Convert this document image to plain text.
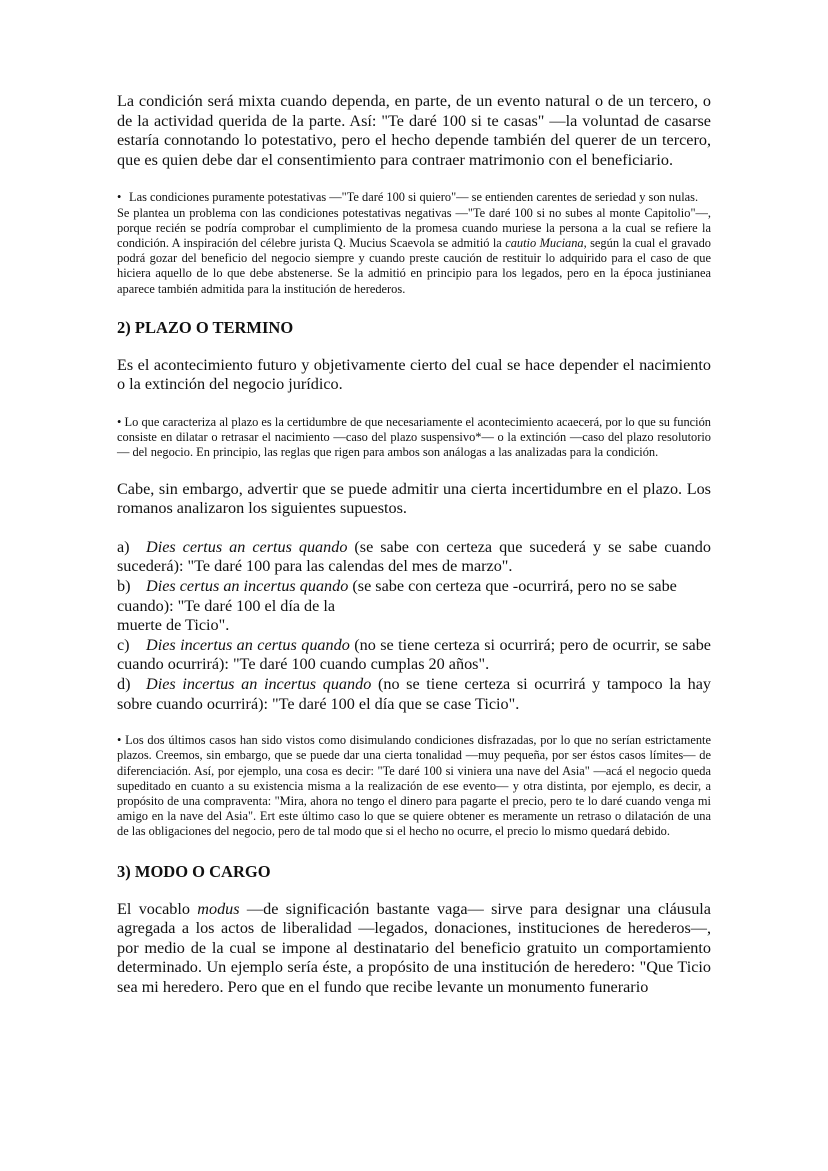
La condición será mixta cuando dependa, en parte, de un evento natural o de un tercero, o de la actividad querida de la parte. Así: "Te daré 100 si te casas" —la voluntad de casarse estaría connotando lo potestativo, pero el hecho depende también del querer de un tercero, que es quien debe dar el consentimiento para contraer matrimonio con el beneficiario.

• Las condiciones puramente potestativas —"Te daré 100 si quiero"— se entienden carentes de seriedad y son nulas.

Se plantea un problema con las condiciones potestativas negativas —"Te daré 100 si no subes al monte Capitolio"—, porque recién se podría comprobar el cumplimiento de la promesa cuando muriese la persona a la cual se refiere la condición. A inspiración del célebre jurista Q. Mucius Scaevola se admitió la cautio Muciana, según la cual el gravado podrá gozar del beneficio del negocio siempre y cuando preste caución de restituir lo adquirido para el caso de que hiciera aquello de lo que debe abstenerse. Se la admitió en principio para los legados, pero en la época justinianea aparece también admitida para la institución de herederos.

2) PLAZO O TERMINO

Es el acontecimiento futuro y objetivamente cierto del cual se hace depender el nacimiento o la extinción del negocio jurídico.

• Lo que caracteriza al plazo es la certidumbre de que necesariamente el acontecimiento acaecerá, por lo que su función consiste en dilatar o retrasar el nacimiento —caso del plazo suspensivo*— o la extinción —caso del plazo resolutorio— del negocio. En principio, las reglas que rigen para ambos son análogas a las analizadas para la condición.

Cabe, sin embargo, advertir que se puede admitir una cierta incertidumbre en el plazo. Los romanos analizaron los siguientes supuestos.

a) Dies certus an certus quando (se sabe con certeza que sucederá y se sabe cuando sucederá): "Te daré 100 para las calendas del mes de marzo".

b) Dies certus an incertus quando (se sabe con certeza que -ocurrirá, pero no se sabe cuando): "Te daré 100 el día de la

muerte de Ticio".

c) Dies incertus an certus quando (no se tiene certeza si ocurrirá; pero de ocurrir, se sabe cuando ocurrirá): "Te daré 100 cuando cumplas 20 años".

d) Dies incertus an incertus quando (no se tiene certeza si ocurrirá y tampoco la hay sobre cuando ocurrirá): "Te daré 100 el día que se case Ticio".

• Los dos últimos casos han sido vistos como disimulando condiciones disfrazadas, por lo que no serían estrictamente plazos. Creemos, sin embargo, que se puede dar una cierta tonalidad —muy pequeña, por ser éstos casos límites— de diferenciación. Así, por ejemplo, una cosa es decir: "Te daré 100 si viniera una nave del Asia" —acá el negocio queda supeditado en cuanto a su existencia misma a la realización de ese evento— y otra distinta, por ejemplo, es decir, a propósito de una compraventa: "Mira, ahora no tengo el dinero para pagarte el precio, pero te lo daré cuando venga mi amigo en la nave del Asia". Ert este último caso lo que se quiere obtener es meramente un retraso o dilatación de una de las obligaciones del negocio, pero de tal modo que si el hecho no ocurre, el precio lo mismo quedará debido.

3) MODO O CARGO

El vocablo modus —de significación bastante vaga— sirve para designar una cláusula agregada a los actos de liberalidad —legados, donaciones, instituciones de herederos—, por medio de la cual se impone al destinatario del beneficio gratuito un comportamiento determinado. Un ejemplo sería éste, a propósito de una institución de heredero: "Que Ticio sea mi heredero. Pero que en el fundo que recibe levante un monumento funerario
